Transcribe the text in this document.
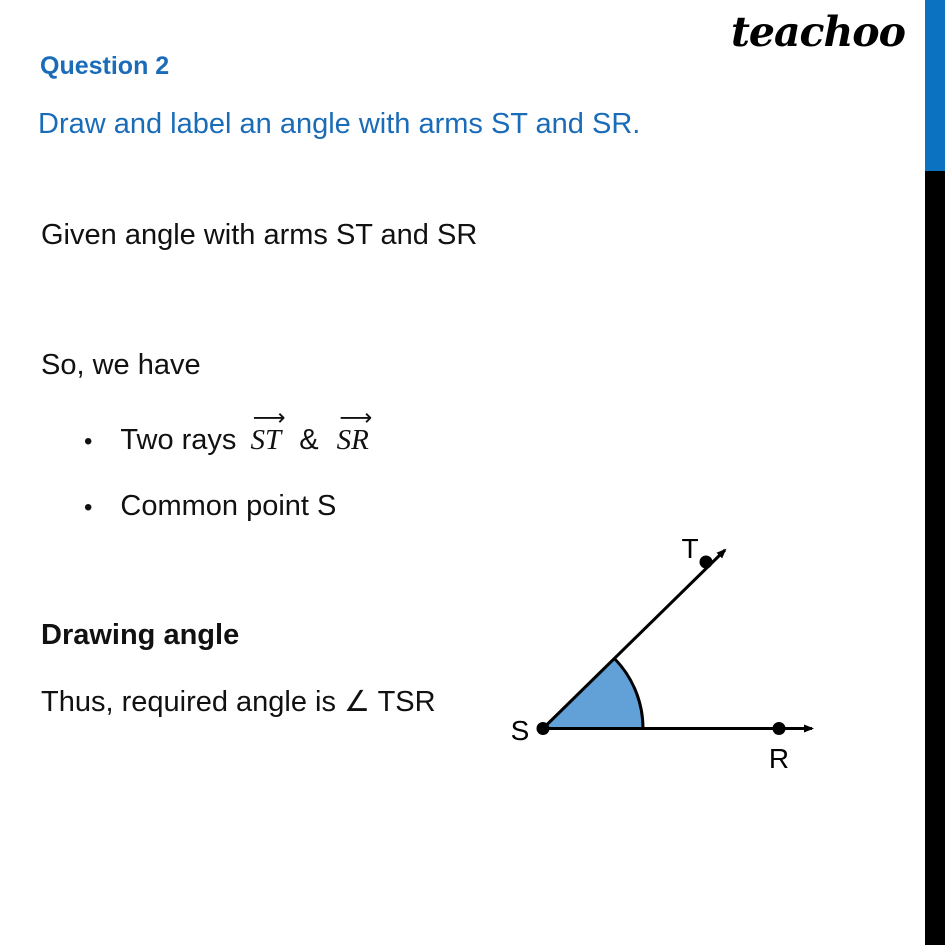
teachoo
Question 2
Draw and label an angle with arms ST and SR.
Given angle with arms ST and SR
So, we have
• Two rays
⟶
ST &
⟶
SR
• Common point S
Drawing angle
Thus, required angle is ∠ TSR
S
T
R
